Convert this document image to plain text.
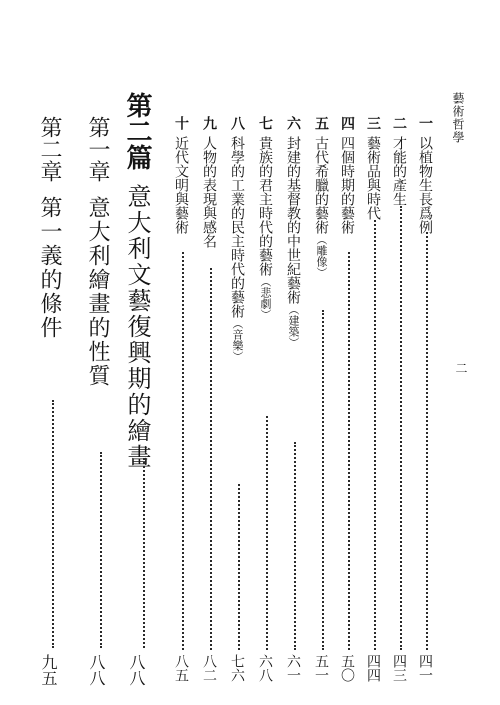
藝術哲學
二
一以植物生長爲例
四一
二才能的產生
四三
三藝術品與時代
四四
四四個時期的藝術
五〇
五古代希臘的藝術（雕像）
五一
六封建的基督教的中世紀藝術（建築）
六一
七貴族的君主時代的藝術（悲劇）
六八
八科學的工業的民主時代的藝術（音樂）
七六
九人物的表現與感名
八二
十近代文明與藝術
八五
第二篇意大利文藝復興期的繪畫
八八
第一章意大利繪畫的性質
八八
第二章第一義的條件
九五
